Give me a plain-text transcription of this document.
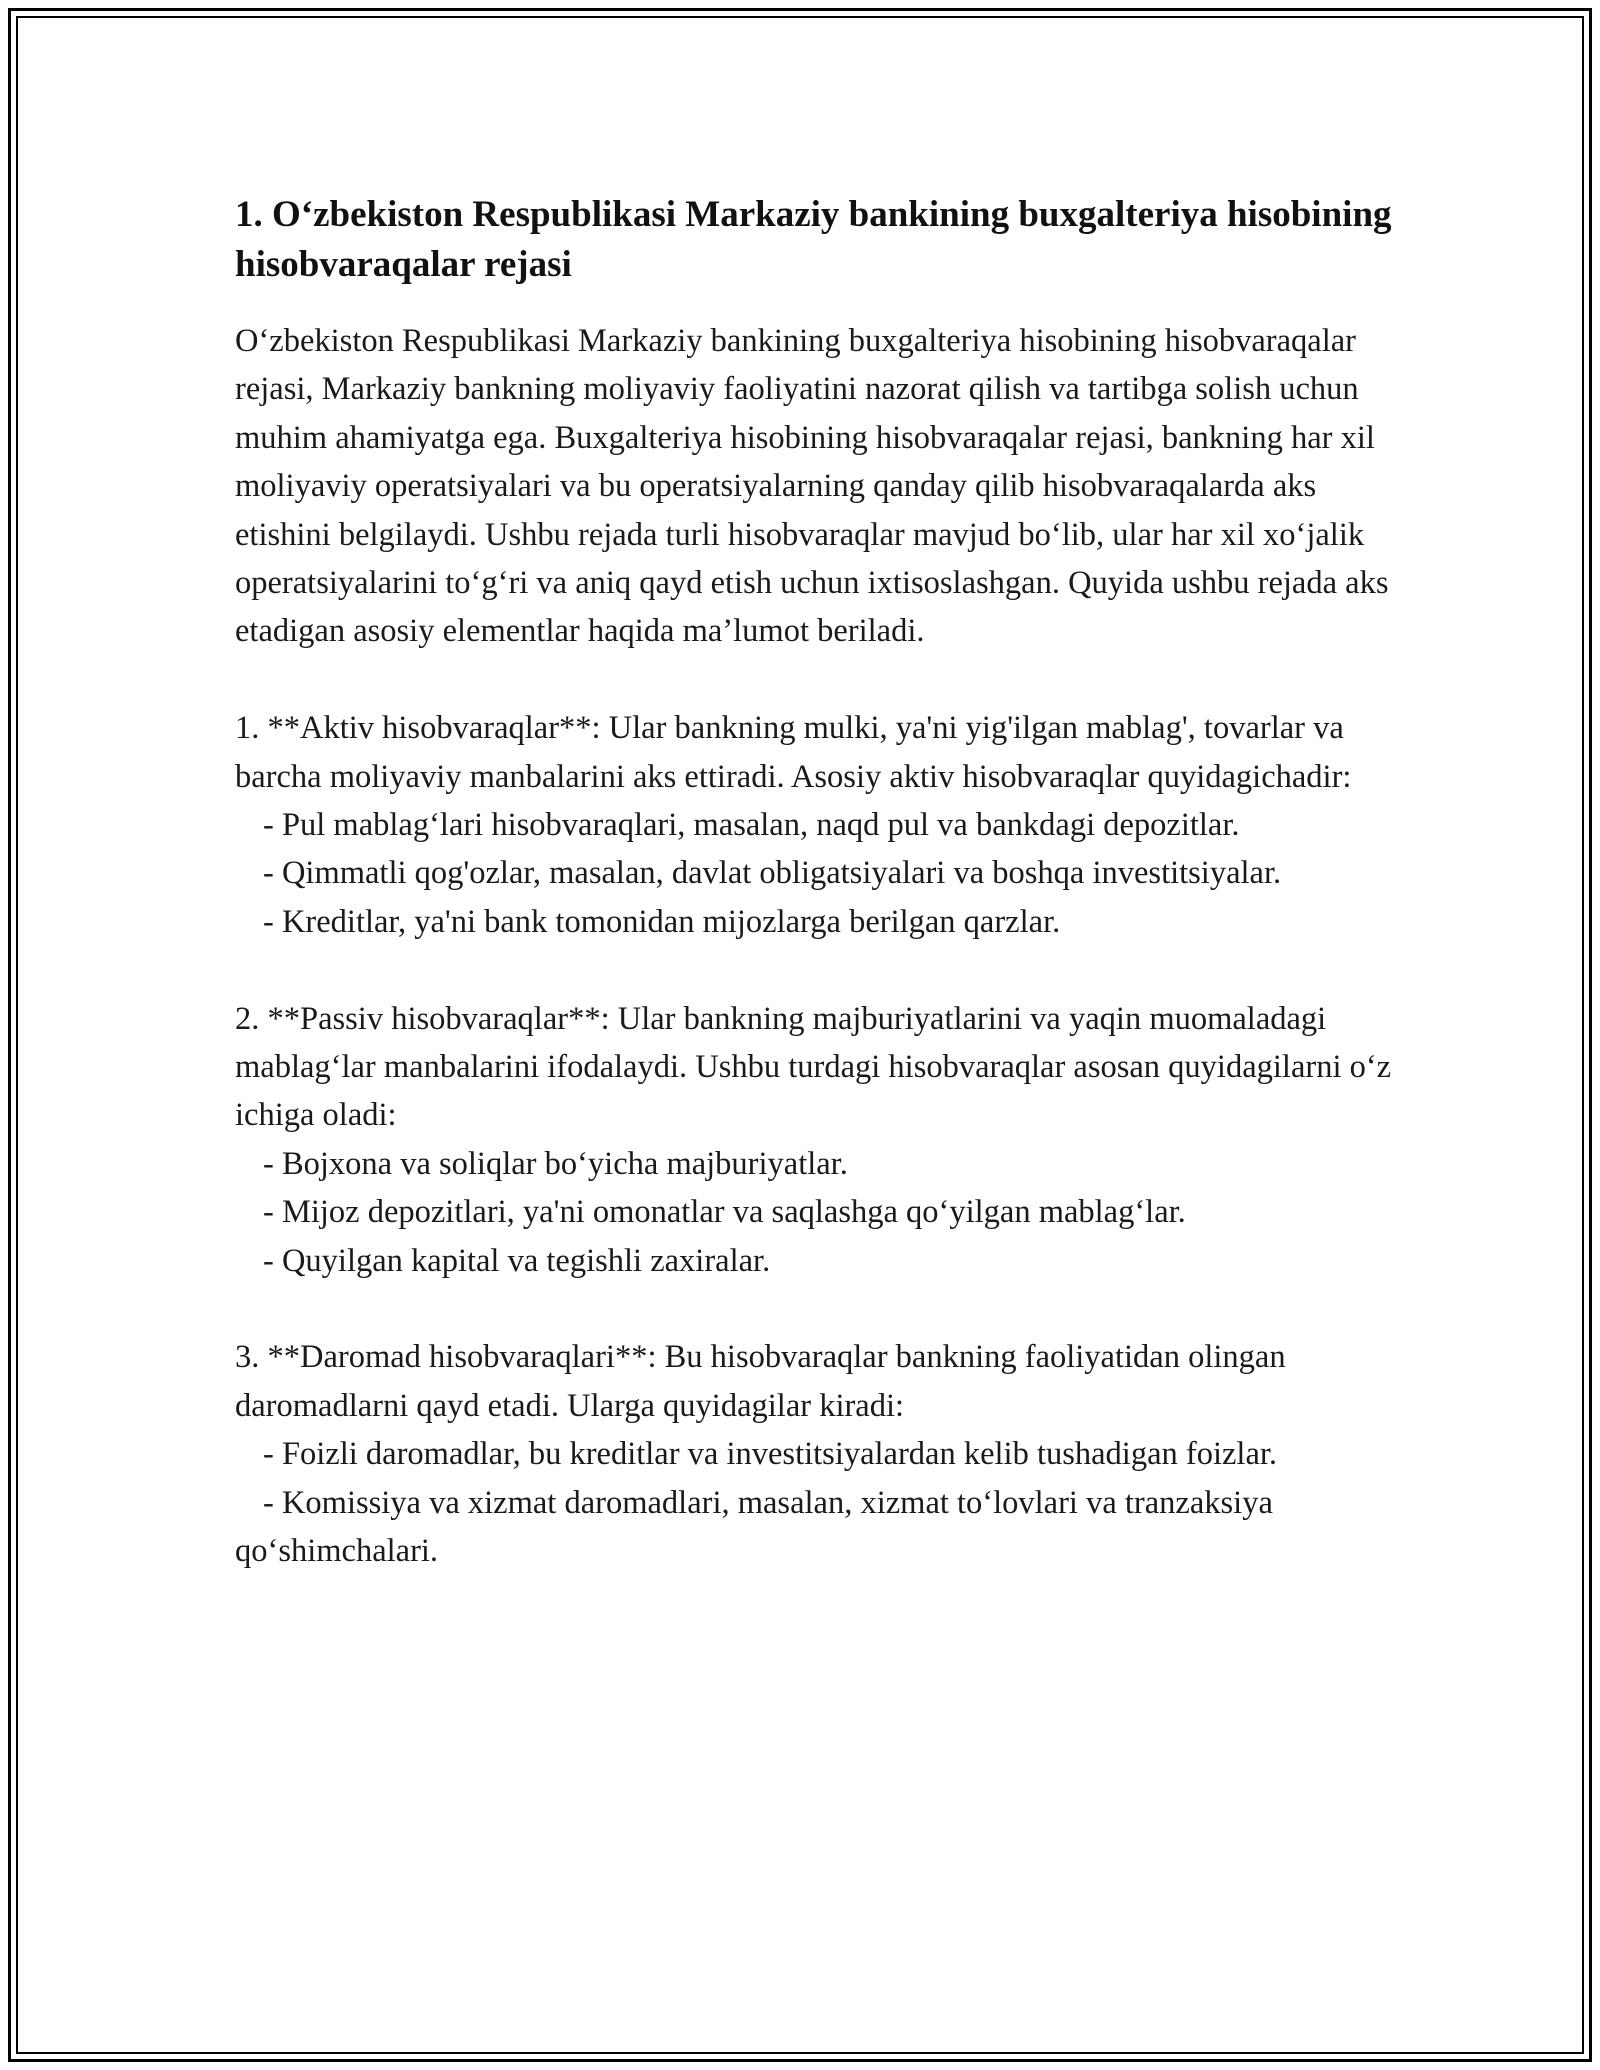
1. O‘zbekiston Respublikasi Markaziy bankining buxgalteriya hisobining hisobvaraqalar rejasi

O‘zbekiston Respublikasi Markaziy bankining buxgalteriya hisobining hisobvaraqalar rejasi, Markaziy bankning moliyaviy faoliyatini nazorat qilish va tartibga solish uchun muhim ahamiyatga ega. Buxgalteriya hisobining hisobvaraqalar rejasi, bankning har xil moliyaviy operatsiyalari va bu operatsiyalarning qanday qilib hisobvaraqalarda aks etishini belgilaydi. Ushbu rejada turli hisobvaraqlar mavjud bo‘lib, ular har xil xo‘jalik operatsiyalarini to‘g‘ri va aniq qayd etish uchun ixtisoslashgan. Quyida ushbu rejada aks etadigan asosiy elementlar haqida ma’lumot beriladi.

1. **Aktiv hisobvaraqlar**: Ular bankning mulki, ya'ni yig'ilgan mablag', tovarlar va barcha moliyaviy manbalarini aks ettiradi. Asosiy aktiv hisobvaraqlar quyidagichadir:

- Pul mablag‘lari hisobvaraqlari, masalan, naqd pul va bankdagi depozitlar.

- Qimmatli qog'ozlar, masalan, davlat obligatsiyalari va boshqa investitsiyalar.

- Kreditlar, ya'ni bank tomonidan mijozlarga berilgan qarzlar.

2. **Passiv hisobvaraqlar**: Ular bankning majburiyatlarini va yaqin muomaladagi mablag‘lar manbalarini ifodalaydi. Ushbu turdagi hisobvaraqlar asosan quyidagilarni o‘z ichiga oladi:

- Bojxona va soliqlar bo‘yicha majburiyatlar.

- Mijoz depozitlari, ya'ni omonatlar va saqlashga qo‘yilgan mablag‘lar.

- Quyilgan kapital va tegishli zaxiralar.

3. **Daromad hisobvaraqlari**: Bu hisobvaraqlar bankning faoliyatidan olingan daromadlarni qayd etadi. Ularga quyidagilar kiradi:

- Foizli daromadlar, bu kreditlar va investitsiyalardan kelib tushadigan foizlar.

- Komissiya va xizmat daromadlari, masalan, xizmat to‘lovlari va tranzaksiya qo‘shimchalari.
